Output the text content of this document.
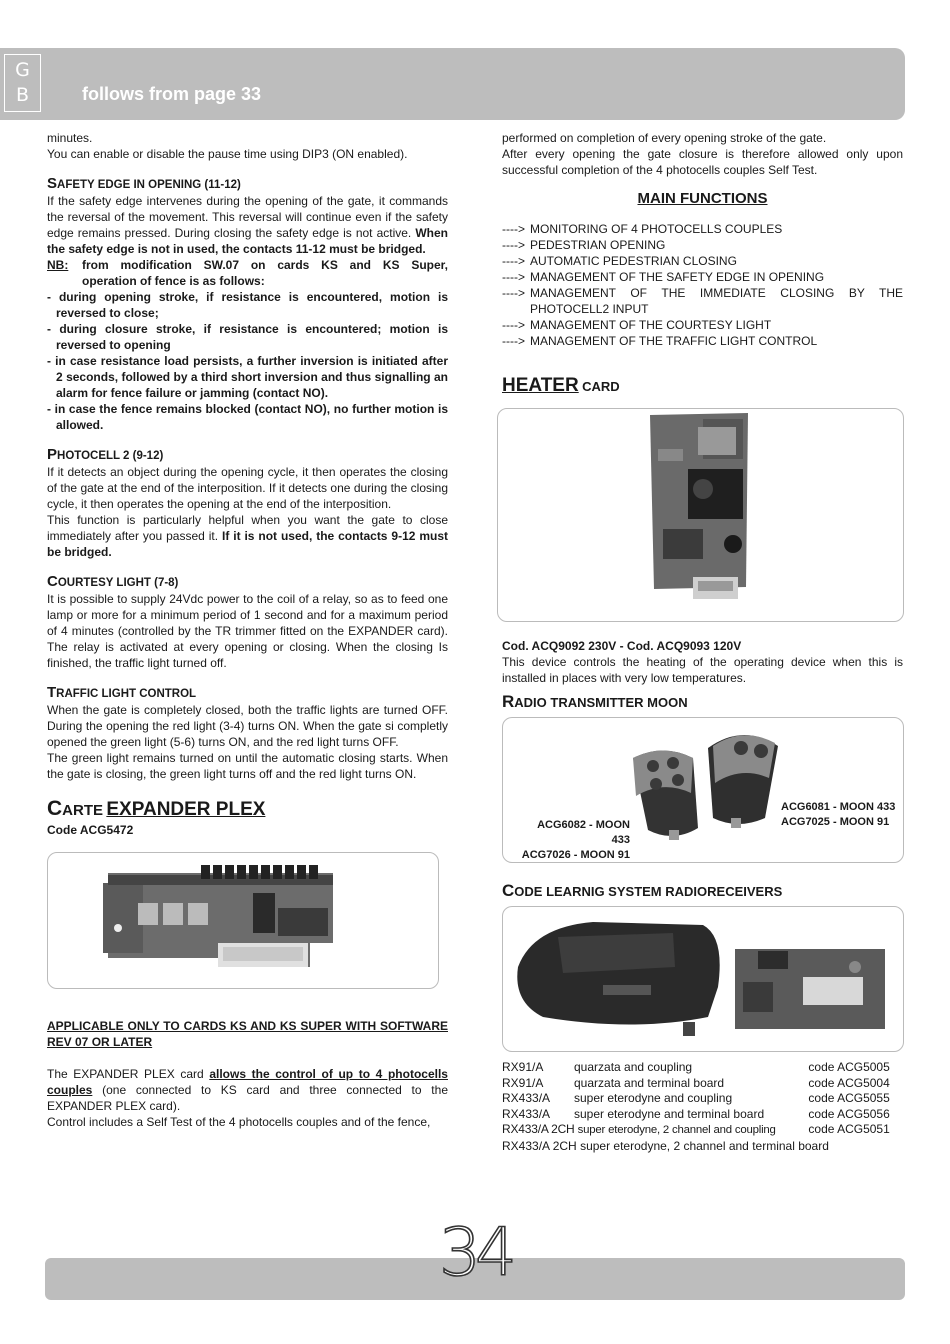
G
B	follows from page 33

minutes.

You can enable or disable the pause time using DIP3 (ON enabled).

SAFETY EDGE IN OPENING (11-12)

If the safety edge intervenes during the opening of the gate, it commands the reversal of the movement. This reversal will continue even if the safety edge remains pressed. During closing the safety edge is not active. When the safety edge is not in used, the contacts 11-12 must be bridged.

NB:	from modification SW.07 on cards KS and KS Super,

operation of fence is as follows:

- during opening stroke, if resistance is encountered, motion is reversed to close;

- during closure stroke, if resistance is encountered; motion is reversed to opening

- in case resistance load persists, a further inversion is initiated after 2 seconds, followed by a third short inversion and thus signalling an alarm for fence failure or jamming (contact NO).

- in case the fence remains blocked (contact NO), no further motion is allowed.

PHOTOCELL 2 (9-12)

If it detects an object during the opening cycle, it then operates the closing of the gate at the end of the interposition. If it detects one during the closing cycle, it then operates the opening at the end of the interposition.

This function is particularly helpful when you want the gate to close immediately after you passed it. If it is not used, the contacts 9-12 must be bridged.

COURTESY LIGHT (7-8)

It is possible to supply 24Vdc power to the coil of a relay, so as to feed one lamp or more for a minimum period of 1 second and for a maximum period of 4 minutes (controlled by the TR trimmer fitted on the EXPANDER card). The relay is activated at every opening or closing. When the closing Is finished, the traffic light turned off.

TRAFFIC LIGHT CONTROL

When the gate is completely closed, both the traffic lights are turned OFF. During the opening the red light (3-4) turns ON. When the gate si completly opened the green light (5-6) turns ON, and the red light turns OFF.

The green light remains turned on until the automatic closing starts. When the gate is closing, the green light turns off and the red light turns ON.

CARTE EXPANDER PLEX

Code ACG5472

APPLICABLE ONLY TO CARDS KS AND KS SUPER WITH SOFTWARE REV 07 OR LATER

The EXPANDER PLEX card allows the control of up to 4 photocells couples (one connected to KS card and three connected to the EXPANDER PLEX card).

Control includes a Self Test of the 4 photocells couples and of the fence,

performed on completion of every opening stroke of the gate.

After every opening the gate closure is therefore allowed only upon successful completion of the 4 photocells couples Self Test.

MAIN FUNCTIONS
----> MONITORING OF 4 PHOTOCELLS COUPLES
----> PEDESTRIAN OPENING
----> AUTOMATIC PEDESTRIAN CLOSING
----> MANAGEMENT OF THE SAFETY EDGE IN OPENING
----> MANAGEMENT OF THE IMMEDIATE CLOSING BY THE PHOTOCELL2 INPUT
----> MANAGEMENT OF THE COURTESY LIGHT
----> MANAGEMENT OF THE TRAFFIC LIGHT CONTROL
HEATER CARD

Cod. ACQ9092 230V - Cod. ACQ9093 120V

This device controls the heating of the operating device when this is installed in places with very low temperatures.

RADIO TRANSMITTER MOON
ACG6082 - MOON 433
ACG7026 - MOON 91
ACG6081 - MOON 433
ACG7025 - MOON 91
CODE LEARNIG SYSTEM RADIORECEIVERS
RX91/A	quarzata and coupling	code ACG5005
RX91/A	quarzata and terminal board	code ACG5004
RX433/A	super eterodyne and coupling	code ACG5055
RX433/A	super eterodyne and terminal board	code ACG5056
RX433/A 2CH super eterodyne, 2 channel and coupling		code ACG5051
RX433/A 2CH super eterodyne, 2 channel and terminal board		
34
